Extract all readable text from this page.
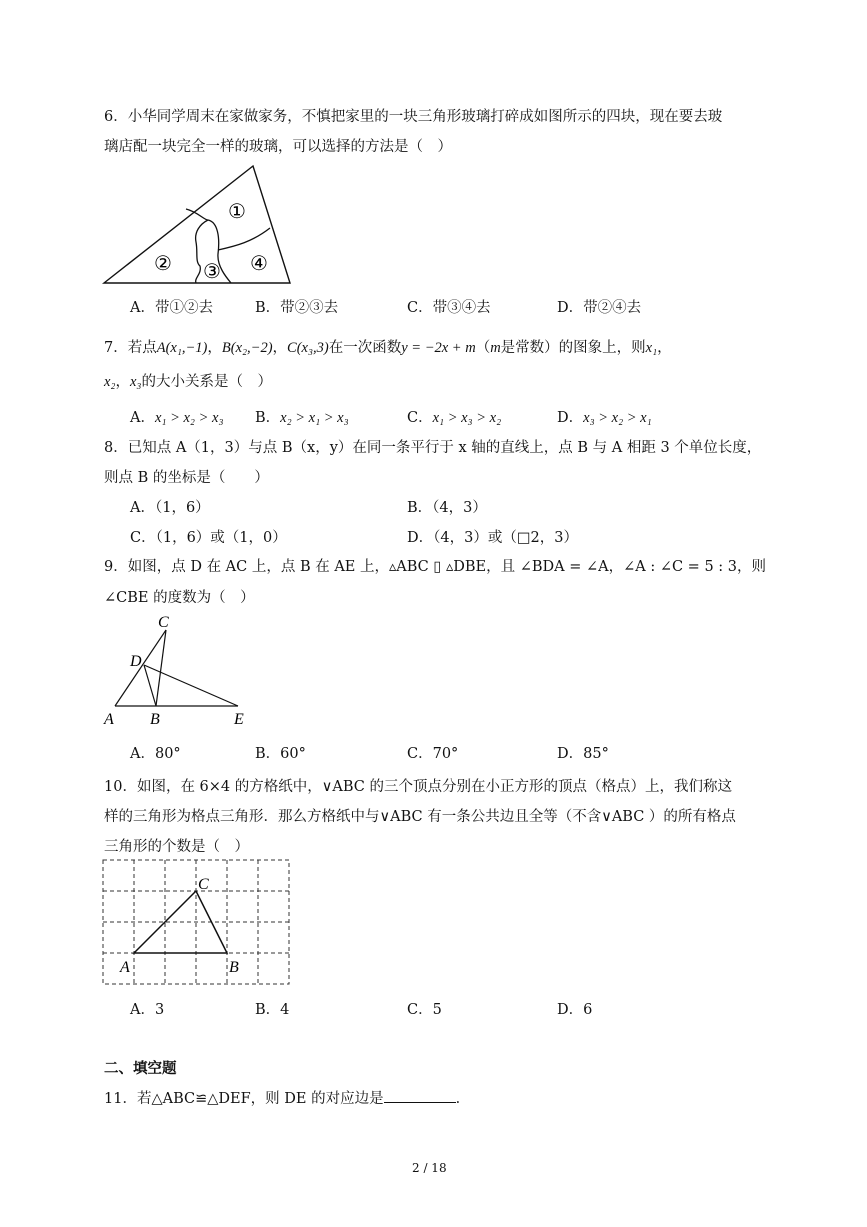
6．小华同学周末在家做家务，不慎把家里的一块三角形玻璃打碎成如图所示的四块，现在要去玻
璃店配一块完全一样的玻璃，可以选择的方法是（　）
①
② ③ ④
A．带①②去	B．带②③去	C．带③④去	D．带②④去
7．若点A(x₁,−1)，B(x₂,−2)，C(x₃,3)在一次函数y = −2x + m（m是常数）的图象上，则x₁，
x₂，x₃的大小关系是（　）
A．x₁ > x₂ > x₃ B．x₂ > x₁ > x₃	C．x₁ > x₃ > x₂	D．x₃ > x₂ > x₁
8．已知点 A（1，3）与点 B（x，y）在同一条平行于 x 轴的直线上，点 B 与 A 相距 3 个单位长度，
则点 B 的坐标是（　　）
A．（1，6）	B．（4，3）
C．（1，6）或（1，0）	D．（4，3）或（□2，3）
9．如图，点 D 在 AC 上，点 B 在 AE 上，▵ABC ▯ ▵DBE，且 ∠BDA = ∠A，∠A : ∠C = 5 : 3，则
∠CBE 的度数为（　）
C
D
A B	E
A．80°	B．60°	C．70°	D．85°
10．如图，在 6×4 的方格纸中，∨ABC 的三个顶点分别在小正方形的顶点（格点）上，我们称这
样的三角形为格点三角形．那么方格纸中与∨ABC 有一条公共边且全等（不含∨ABC ）的所有格点
三角形的个数是（　）
C
A	B
A．3	B．4	C．5	D．6
二、填空题
11．若△ABC≌△DEF，则 DE 的对应边是	．
2 / 18
